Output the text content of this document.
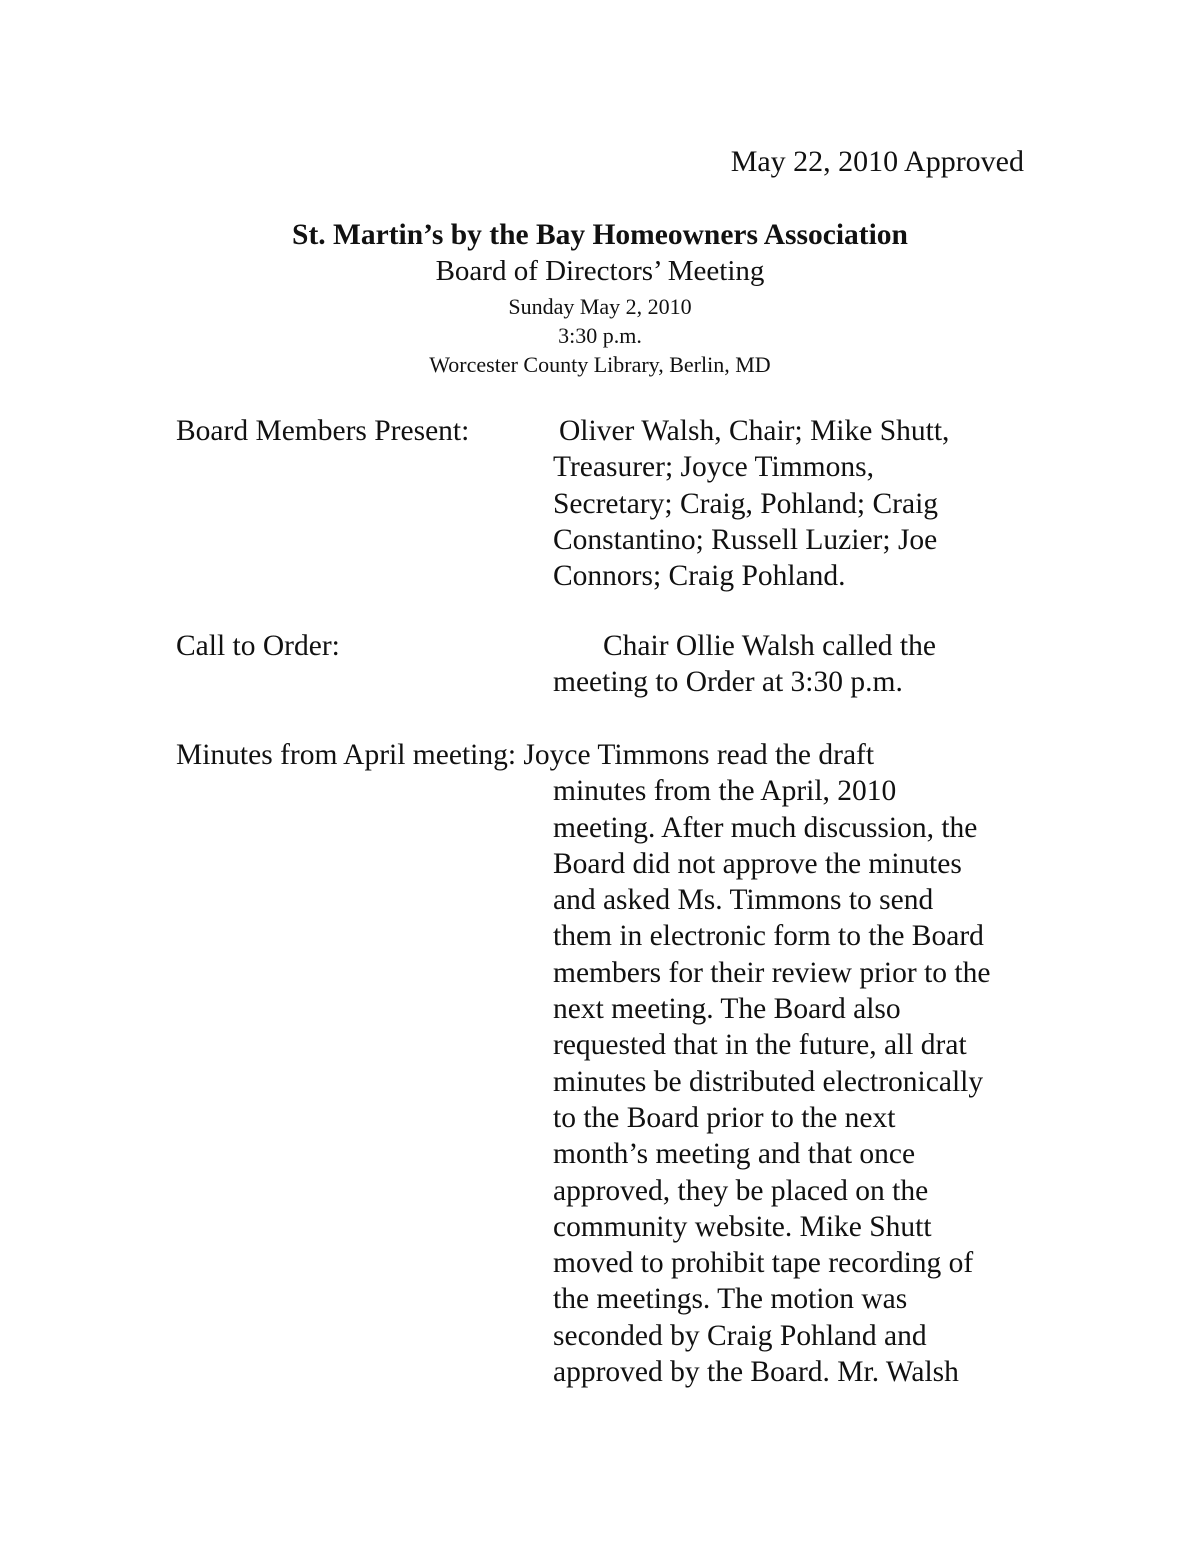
May 22, 2010 Approved
St. Martin’s by the Bay Homeowners Association
Board of Directors’ Meeting
Sunday May 2, 2010
3:30 p.m.
Worcester County Library, Berlin, MD
Board Members Present:	Oliver Walsh, Chair; Mike Shutt,
Treasurer; Joyce Timmons,
Secretary; Craig, Pohland; Craig
Constantino; Russell Luzier; Joe
Connors; Craig Pohland.
Call to Order:	Chair Ollie Walsh called the
meeting to Order at 3:30 p.m.
Minutes from April meeting: Joyce Timmons read the draft
minutes from the April, 2010
meeting. After much discussion, the
Board did not approve the minutes
and asked Ms. Timmons to send
them in electronic form to the Board
members for their review prior to the
next meeting. The Board also
requested that in the future, all drat
minutes be distributed electronically
to the Board prior to the next
month’s meeting and that once
approved, they be placed on the
community website. Mike Shutt
moved to prohibit tape recording of
the meetings. The motion was
seconded by Craig Pohland and
approved by the Board. Mr. Walsh
